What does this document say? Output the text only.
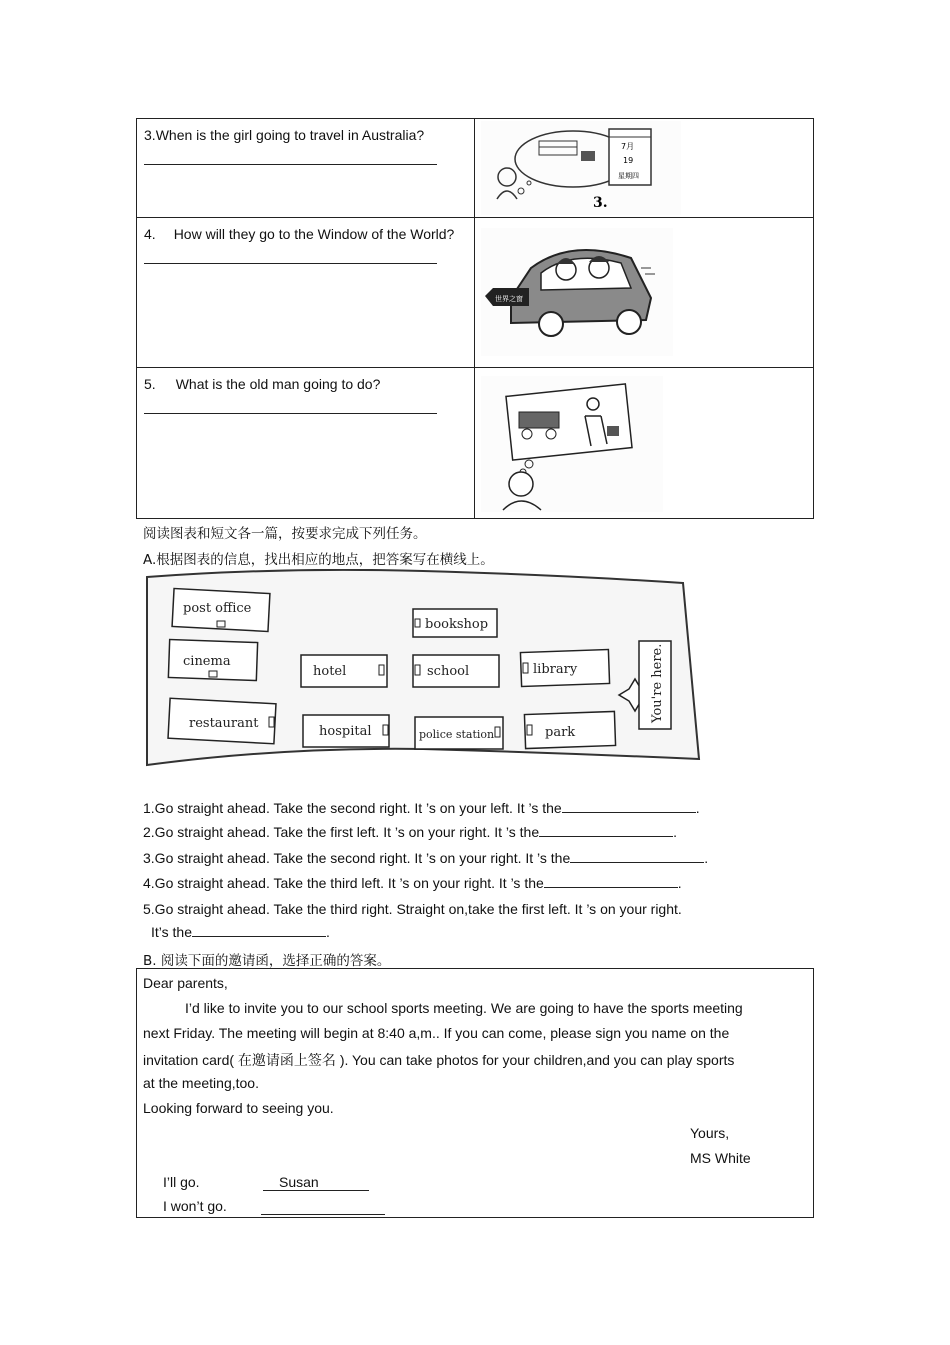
3.When is the girl going to travel in Australia?
7月
19
星期四
3.
4. How will they go to the Window of the World?
世界之窗
5. What is the old man going to do?
阅读图表和短文各一篇，按要求完成下列任务。
A.根据图表的信息，找出相应的地点，把答案写在横线上。
post office
bookshop
cinema
hotel	school	library
restaurant
hospital	police station	park
You're here.
1.Go straight ahead. Take the second right. It ’s on your left. It ’s the	.
2.Go straight ahead. Take the first left. It ’s on your right. It ’s the	.
3.Go straight ahead. Take the second right. It ’s on your right. It ’s the	.
4.Go straight ahead. Take the third left. It ’s on your right. It ’s the	.
5.Go straight ahead. Take the third right. Straight on,take the first left. It ’s on your right.
It’s the	.
B. 阅读下面的邀请函，选择正确的答案。
Dear parents,
I’d like to invite you to our school sports meeting. We are going to have the sports meeting
next Friday. The meeting will begin at 8:40 a,m.. If you can come, please sign you name on the
invitation card( 在邀请函上签名 ). You can take photos for your children,and you can play sports
at the meeting,too.
Looking forward to seeing you.
Yours,
MS White
I’ll go.	Susan
I won’t go.
